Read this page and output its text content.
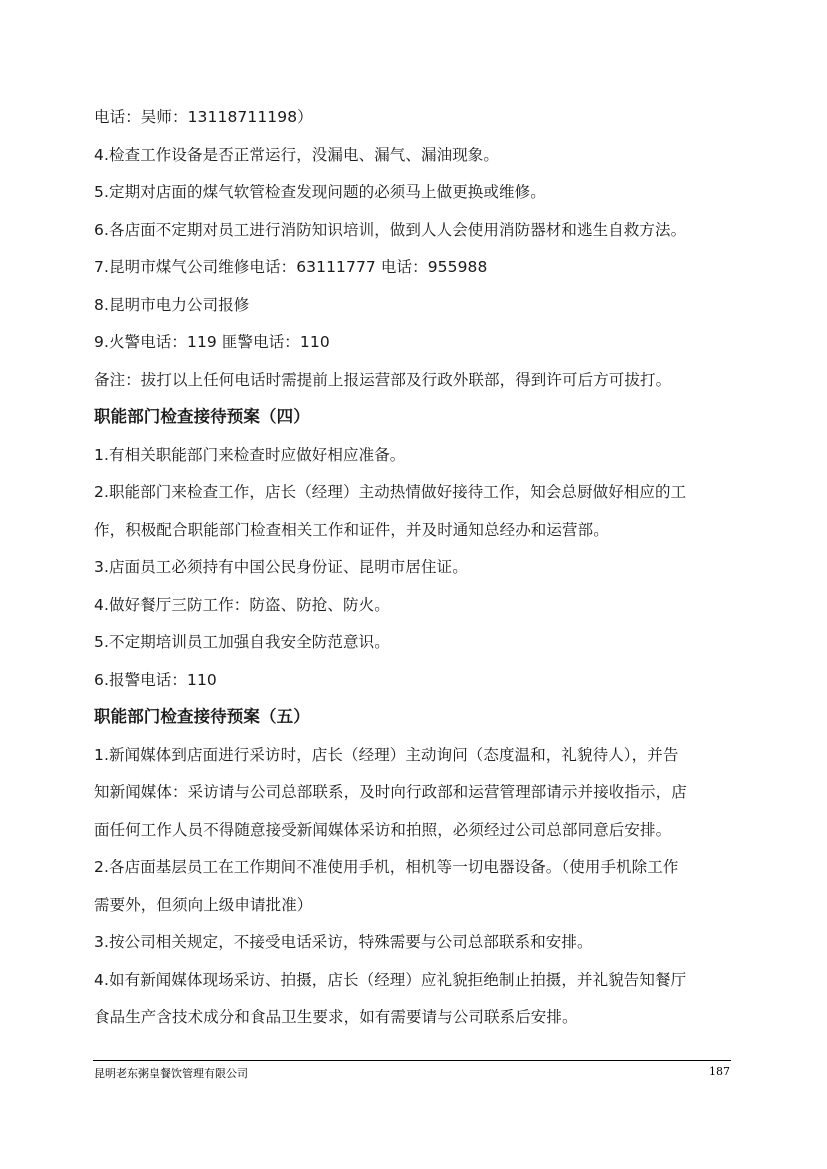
电话：吴师：13118711198）
4.检查工作设备是否正常运行，没漏电、漏气、漏油现象。
5.定期对店面的煤气软管检查发现问题的必须马上做更换或维修。
6.各店面不定期对员工进行消防知识培训，做到人人会使用消防器材和逃生自救方法。
7.昆明市煤气公司维修电话：63111777 电话：955988
8.昆明市电力公司报修
9.火警电话：119 匪警电话：110
备注：拔打以上任何电话时需提前上报运营部及行政外联部，得到许可后方可拔打。
职能部门检查接待预案（四）
1.有相关职能部门来检查时应做好相应准备。
2.职能部门来检查工作，店长（经理）主动热情做好接待工作，知会总厨做好相应的工
作，积极配合职能部门检查相关工作和证件，并及时通知总经办和运营部。
3.店面员工必须持有中国公民身份证、昆明市居住证。
4.做好餐厅三防工作：防盗、防抢、防火。
5.不定期培训员工加强自我安全防范意识。
6.报警电话：110
职能部门检查接待预案（五）
1.新闻媒体到店面进行采访时，店长（经理）主动询问（态度温和，礼貌待人），并告
知新闻媒体：采访请与公司总部联系，及时向行政部和运营管理部请示并接收指示，店
面任何工作人员不得随意接受新闻媒体采访和拍照，必须经过公司总部同意后安排。
2.各店面基层员工在工作期间不准使用手机，相机等一切电器设备。（使用手机除工作
需要外，但须向上级申请批准）
3.按公司相关规定，不接受电话采访，特殊需要与公司总部联系和安排。
4.如有新闻媒体现场采访、拍摄，店长（经理）应礼貌拒绝制止拍摄，并礼貌告知餐厅
食品生产含技术成分和食品卫生要求，如有需要请与公司联系后安排。
昆明老东粥皇餐饮管理有限公司	187
